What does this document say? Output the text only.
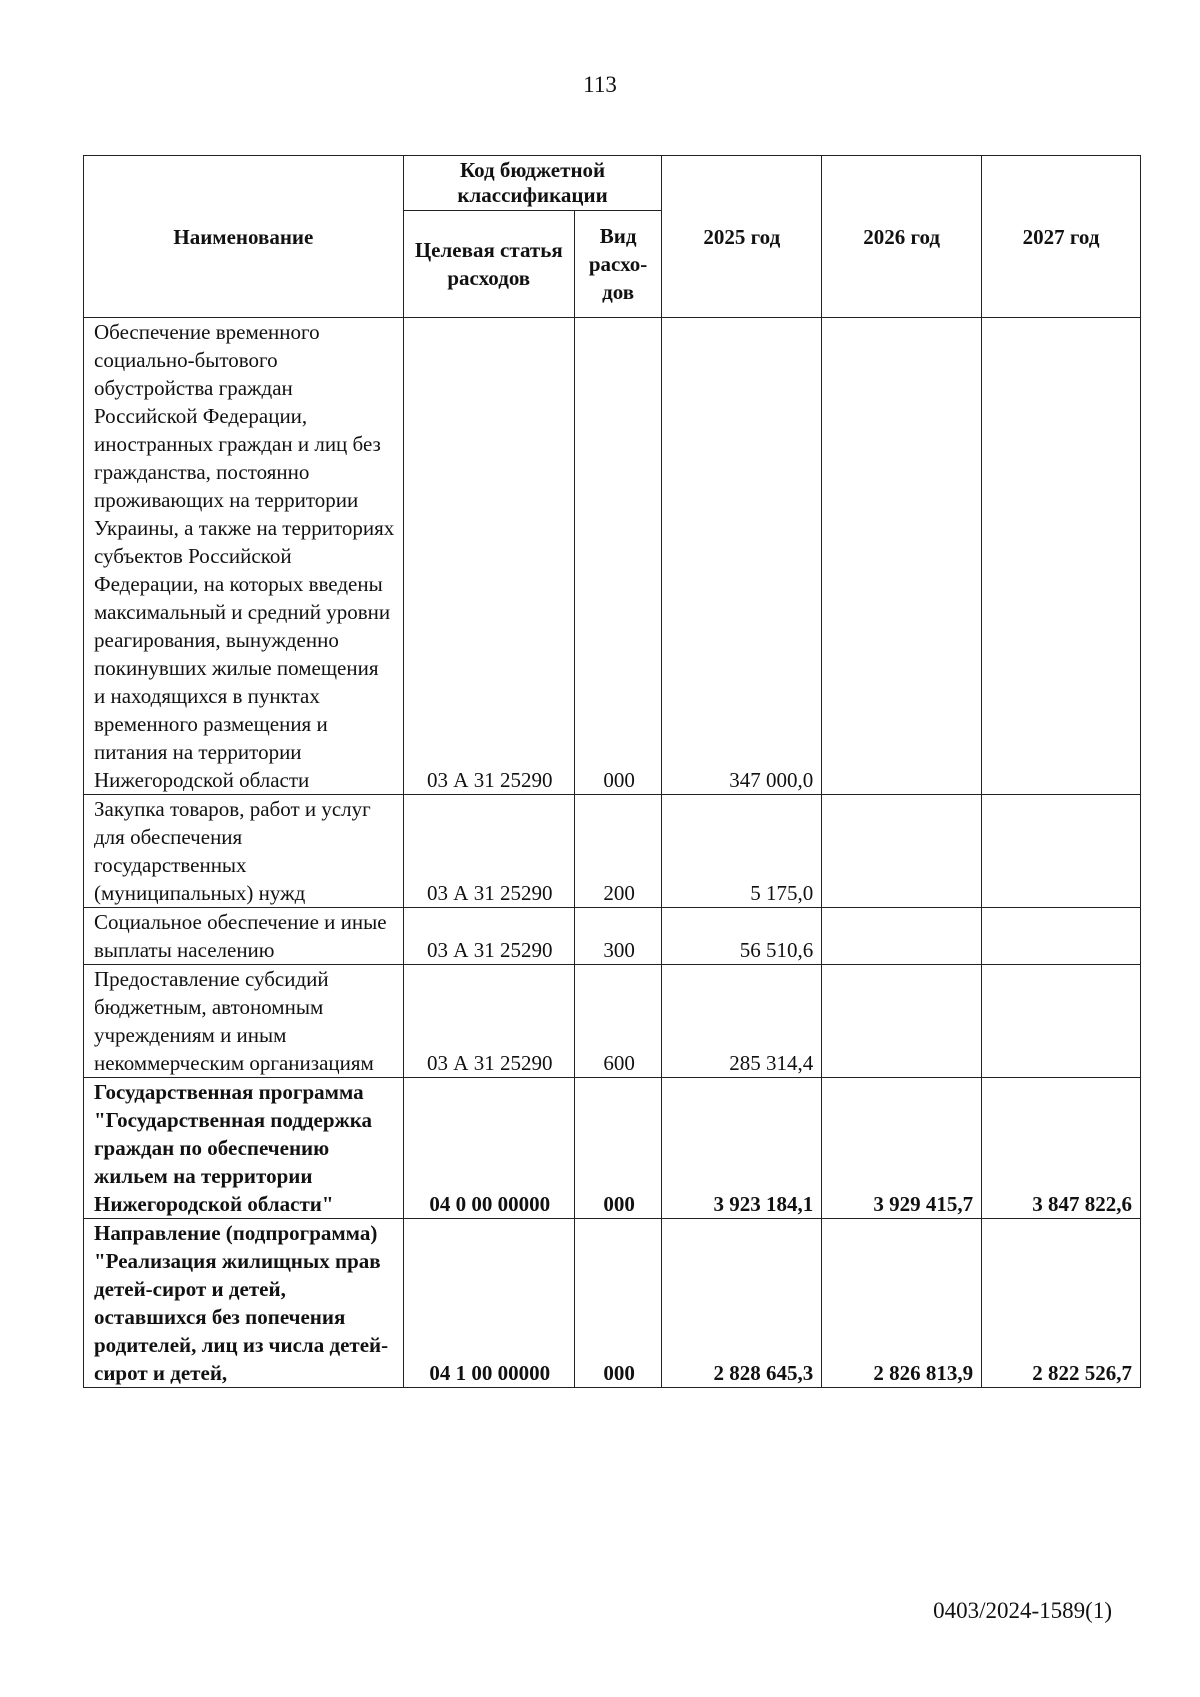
113
Наименование	Код бюджетной классификации		2025 год	2026 год	2027 год
	Целевая статья расходов	Вид расхо-дов			
Обеспечение временного социально-бытового обустройства граждан Российской Федерации, иностранных граждан и лиц без гражданства, постоянно проживающих на территории Украины, а также на территориях субъектов Российской Федерации, на которых введены максимальный и средний уровни реагирования, вынужденно покинувших жилые помещения и находящихся в пунктах временного размещения и питания на территории Нижегородской области	03 А 31 25290	000	347 000,0		
Закупка товаров, работ и услуг для обеспечения государственных (муниципальных) нужд	03 А 31 25290	200	5 175,0		
Социальное обеспечение и иные выплаты населению	03 А 31 25290	300	56 510,6		
Предоставление субсидий бюджетным, автономным учреждениям и иным некоммерческим организациям	03 А 31 25290	600	285 314,4		
Государственная программа "Государственная поддержка граждан по обеспечению жильем на территории Нижегородской области"	04 0 00 00000	000	3 923 184,1	3 929 415,7	3 847 822,6
Направление (подпрограмма) "Реализация жилищных прав детей-сирот и детей, оставшихся без попечения родителей, лиц из числа детей-сирот и детей,	04 1 00 00000	000	2 828 645,3	2 826 813,9	2 822 526,7
0403/2024-1589(1)
